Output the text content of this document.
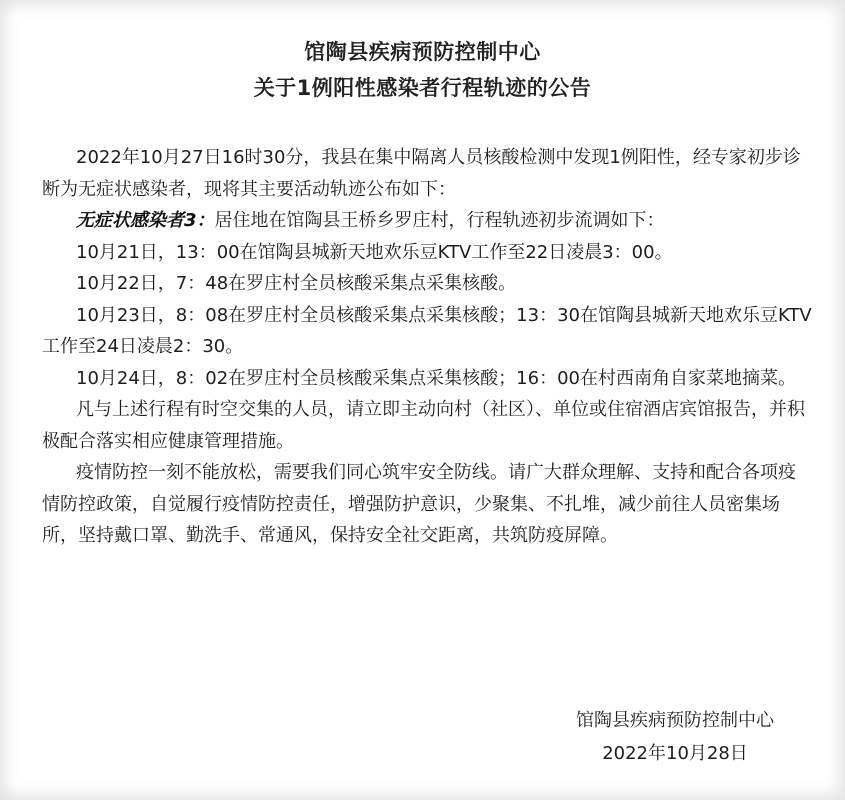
馆陶县疾病预防控制中心
关于1例阳性感染者行程轨迹的公告

2022年10月27日16时30分，我县在集中隔离人员核酸检测中发现1例阳性，经专家初步诊断为无症状感染者，现将其主要活动轨迹公布如下：

无症状感染者3：居住地在馆陶县王桥乡罗庄村，行程轨迹初步流调如下：

10月21日，13：00在馆陶县城新天地欢乐豆KTV工作至22日凌晨3：00。

10月22日，7：48在罗庄村全员核酸采集点采集核酸。

10月23日，8：08在罗庄村全员核酸采集点采集核酸；13：30在馆陶县城新天地欢乐豆KTV工作至24日凌晨2：30。

10月24日，8：02在罗庄村全员核酸采集点采集核酸；16：00在村西南角自家菜地摘菜。

凡与上述行程有时空交集的人员，请立即主动向村（社区）、单位或住宿酒店宾馆报告，并积极配合落实相应健康管理措施。

疫情防控一刻不能放松，需要我们同心筑牢安全防线。请广大群众理解、支持和配合各项疫情防控政策，自觉履行疫情防控责任，增强防护意识，少聚集、不扎堆，减少前往人员密集场所，坚持戴口罩、勤洗手、常通风，保持安全社交距离，共筑防疫屏障。

馆陶县疾病预防控制中心
2022年10月28日
